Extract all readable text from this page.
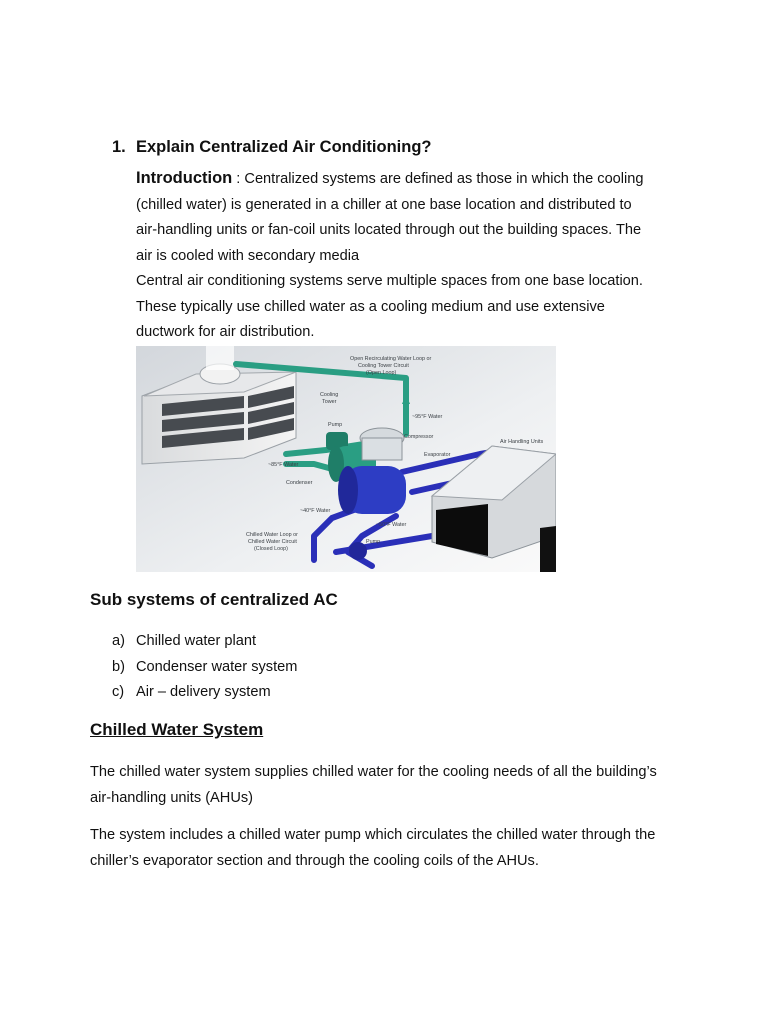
1. Explain Centralized Air Conditioning?

Introduction : Centralized systems are defined as those in which the cooling (chilled water) is generated in a chiller at one base location and distributed to air-handling units or fan-coil units located through out the building spaces. The air is cooled with secondary media

Central air conditioning systems serve multiple spaces from one base location. These typically use chilled water as a cooling medium and use extensive ductwork for air distribution.

Open Recirculating Water Loop or
Cooling Tower Circuit
(Open Loop)
Cooling
Tower
Pump
~95°F Water
Compressor
Air Handling Units
Evaporator
~85°F Water
Condenser
~40°F Water
~50°F Water
Chilled Water Loop or
Chilled Water Circuit
(Closed Loop)
Pump
Sub systems of centralized AC
a) Chilled water plant
b) Condenser water system
c) Air – delivery system
Chilled Water System

The chilled water system supplies chilled water for the cooling needs of all the building’s air-handling units (AHUs)

The system includes a chilled water pump which circulates the chilled water through the chiller’s evaporator section and through the cooling coils of the AHUs.
